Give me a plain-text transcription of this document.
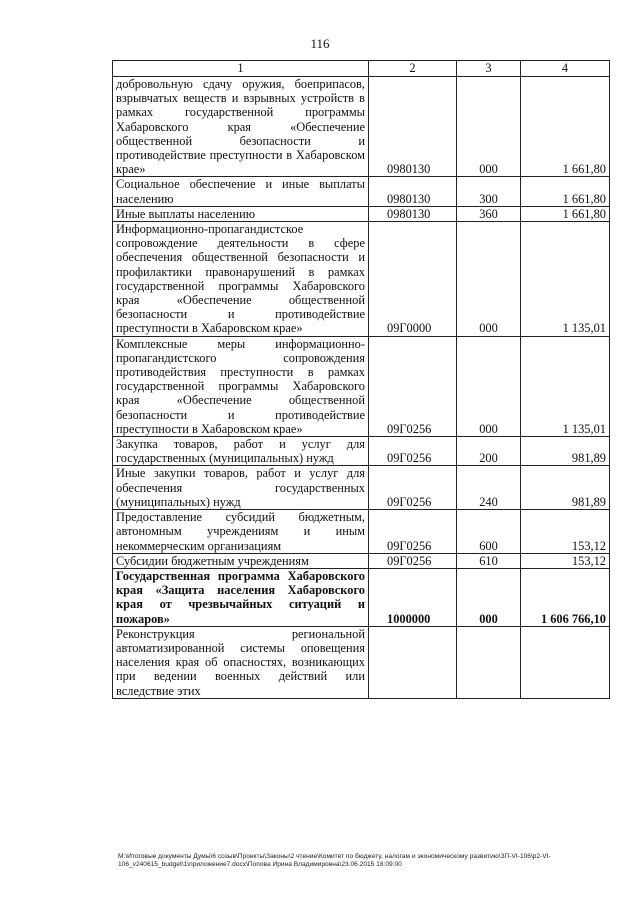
116
1	2	3	4
добровольную сдачу оружия, боеприпасов, взрывчатых веществ и взрывных устройств в рамках государственной программы Хабаровского края «Обеспечение общественной безопасности и противодействие преступности в Хабаровском крае»	0980130	000	1 661,80
Социальное обеспечение и иные выплаты населению	0980130	300	1 661,80
Иные выплаты населению	0980130	360	1 661,80
Информационно-пропагандистское сопровождение деятельности в сфере обеспечения общественной безопасности и профилактики правонарушений в рамках государственной программы Хабаровского края «Обеспечение общественной безопасности и противодействие преступности в Хабаровском крае»	09Г0000	000	1 135,01
Комплексные меры информационно-пропагандистского сопровождения противодействия преступности в рамках государственной программы Хабаровского края «Обеспечение общественной безопасности и противодействие преступности в Хабаровском крае»	09Г0256	000	1 135,01
Закупка товаров, работ и услуг для государственных (муниципальных) нужд	09Г0256	200	981,89
Иные закупки товаров, работ и услуг для обеспечения государственных (муниципальных) нужд	09Г0256	240	981,89
Предоставление субсидий бюджетным, автономным учреждениям и иным некоммерческим организациям	09Г0256	600	153,12
Субсидии бюджетным учреждениям	09Г0256	610	153,12
Государственная программа Хабаровского края «Защита населения Хабаровского края от чрезвычайных ситуаций и пожаров»	1000000	000	1 606 766,10
Реконструкция региональной автоматизированной системы оповещения населения края об опасностях, возникающих при ведении военных действий или вследствие этих			
M:\Итоговые документы Думы\6 созыв\Проекты\Законы\2 чтение\Комитет по бюджету, налогам и экономическому развитию\ЗП-VI-106\р2-VI-106_v240615_budget\1\приложение7.docx\Попова Ирина Владимировна\23.06.2015 18:09:00
